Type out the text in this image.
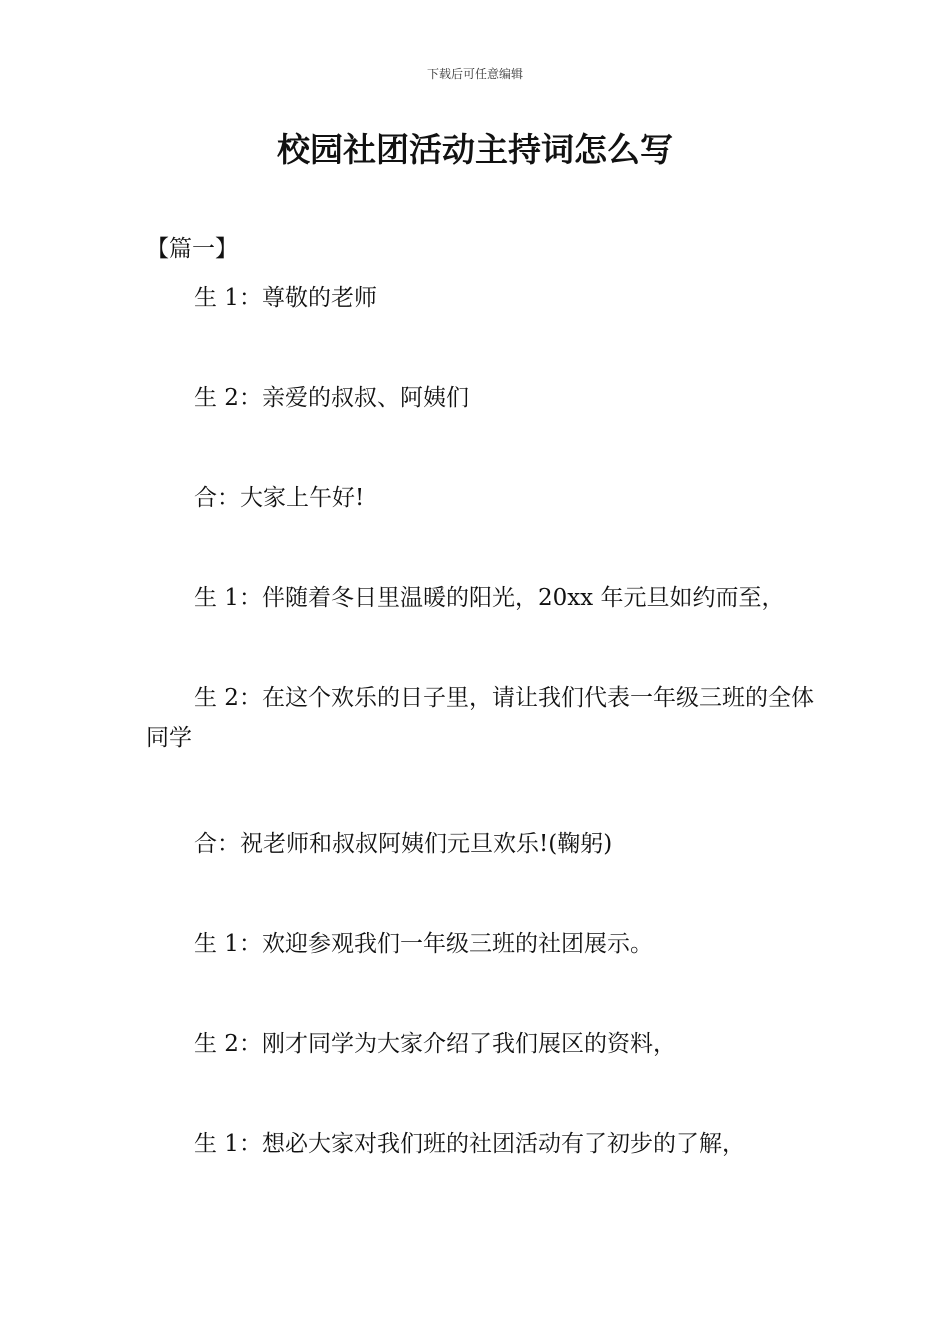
下载后可任意编辑
校园社团活动主持词怎么写
【篇一】

生 1：尊敬的老师

生 2：亲爱的叔叔、阿姨们

合：大家上午好!

生 1：伴随着冬日里温暖的阳光，20xx 年元旦如约而至，

生 2：在这个欢乐的日子里，请让我们代表一年级三班的全体同学

合：祝老师和叔叔阿姨们元旦欢乐!(鞠躬)

生 1：欢迎参观我们一年级三班的社团展示。

生 2：刚才同学为大家介绍了我们展区的资料，

生 1：想必大家对我们班的社团活动有了初步的了解，
